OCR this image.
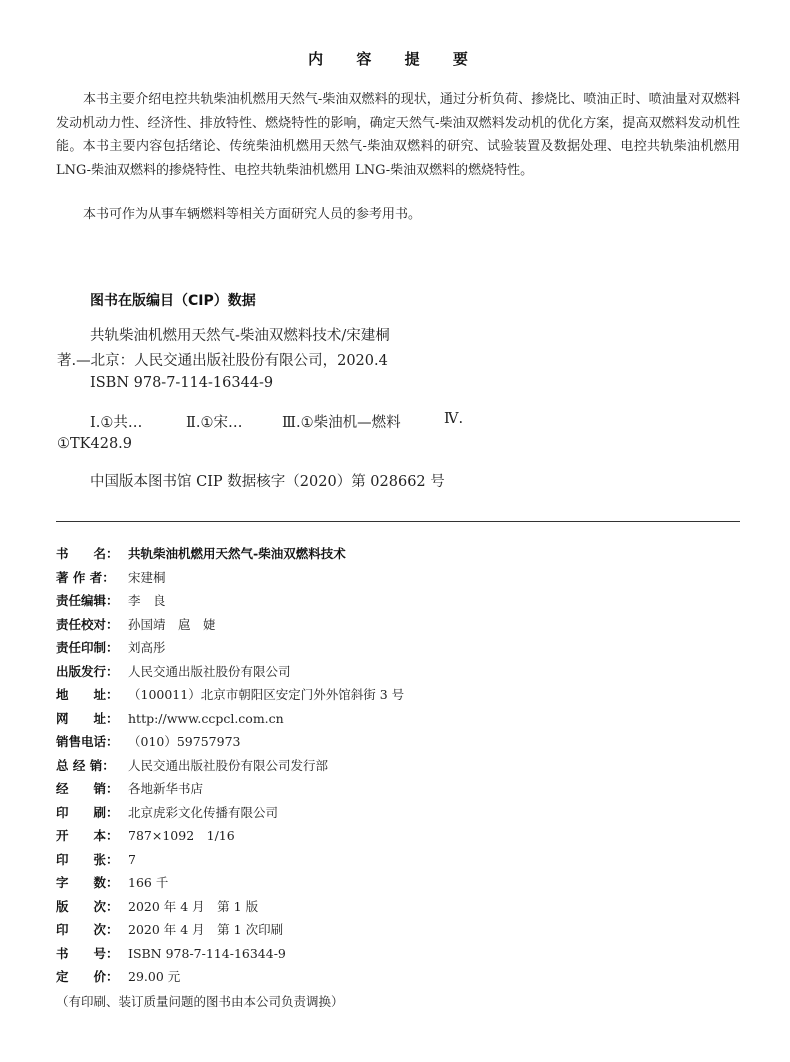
内 容 提 要

本书主要介绍电控共轨柴油机燃用天然气-柴油双燃料的现状，通过分析负荷、掺烧比、喷油正时、喷油量对双燃料发动机动力性、经济性、排放特性、燃烧特性的影响，确定天然气-柴油双燃料发动机的优化方案，提高双燃料发动机性能。本书主要内容包括绪论、传统柴油机燃用天然气-柴油双燃料的研究、试验装置及数据处理、电控共轨柴油机燃用 LNG-柴油双燃料的掺烧特性、电控共轨柴油机燃用 LNG-柴油双燃料的燃烧特性。

本书可作为从事车辆燃料等相关方面研究人员的参考用书。

图书在版编目（CIP）数据
共轨柴油机燃用天然气-柴油双燃料技术/宋建桐
著.—北京：人民交通出版社股份有限公司，2020.4
ISBN 978-7-114-16344-9
Ⅰ.①共…	Ⅱ.①宋…	Ⅲ.①柴油机—燃料	Ⅳ.
①TK428.9
中国版本图书馆 CIP 数据核字（2020）第 028662 号
书　　名： 共轨柴油机燃用天然气-柴油双燃料技术
著 作 者：	宋建桐
责任编辑： 李　良
责任校对： 孙国靖　扈　婕
责任印制： 刘高彤
出版发行： 人民交通出版社股份有限公司
地　　址： （100011）北京市朝阳区安定门外外馆斜街 3 号
网　　址： http://www.ccpcl.com.cn
销售电话： （010）59757973
总 经 销：	人民交通出版社股份有限公司发行部
经　　销： 各地新华书店
印　　刷： 北京虎彩文化传播有限公司
开　　本： 787×1092　1/16
印　　张： 7
字　　数： 166 千
版　　次： 2020 年 4 月　第 1 版
印　　次： 2020 年 4 月　第 1 次印刷
书　　号： ISBN 978-7-114-16344-9
定　　价： 29.00 元
（有印刷、装订质量问题的图书由本公司负责调换）
